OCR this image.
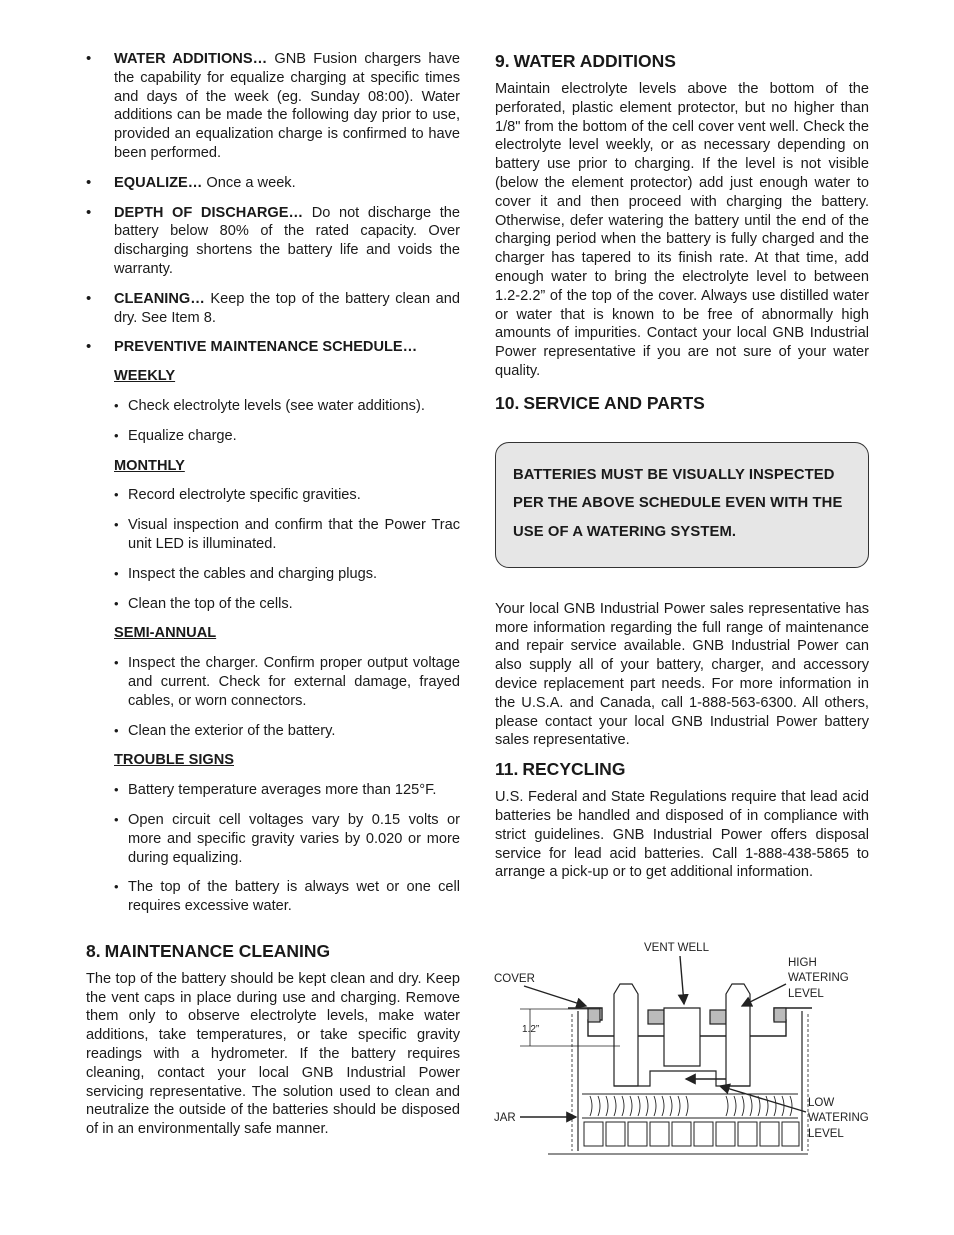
• WATER ADDITIONS… GNB Fusion chargers have the capability for equalize charging at specific times and days of the week (eg. Sunday 08:00). Water additions can be made the following day prior to use, provided an equalization charge is confirmed to have been performed.
• EQUALIZE… Once a week.
• DEPTH OF DISCHARGE… Do not discharge the battery below 80% of the rated capacity. Over discharging shortens the battery life and voids the warranty.
• CLEANING… Keep the top of the battery clean and dry. See Item 8.
• PREVENTIVE MAINTENANCE SCHEDULE…
WEEKLY
• Check electrolyte levels (see water additions).
• Equalize charge.
MONTHLY
• Record electrolyte specific gravities.
• Visual inspection and confirm that the Power Trac unit LED is illuminated.
• Inspect the cables and charging plugs.
• Clean the top of the cells.
SEMI-ANNUAL
• Inspect the charger. Confirm proper output voltage and current. Check for external damage, frayed cables, or worn connectors.
• Clean the exterior of the battery.
TROUBLE SIGNS
• Battery temperature averages more than 125°F.
• Open circuit cell voltages vary by 0.15 volts or more and specific gravity varies by 0.020 or more during equalizing.
• The top of the battery is always wet or one cell requires excessive water.
8. MAINTENANCE CLEANING

The top of the battery should be kept clean and dry. Keep the vent caps in place during use and charging. Remove them only to observe electrolyte levels, make water additions, take temperatures, or take specific gravity readings with a hydrometer. If the battery requires cleaning, contact your local GNB Industrial Power servicing representative. The solution used to clean and neutralize the outside of the batteries should be disposed of in an environmentally safe manner.

9. WATER ADDITIONS

Maintain electrolyte levels above the bottom of the perforated, plastic element protector, but no higher than 1/8" from the bottom of the cell cover vent well. Check the electrolyte level weekly, or as necessary depending on battery use prior to charging. If the level is not visible (below the element protector) add just enough water to cover it and then proceed with charging the battery. Otherwise, defer watering the battery until the end of the charging period when the battery is fully charged and the charger has tapered to its finish rate. At that time, add enough water to bring the electrolyte level to between 1.2-2.2” of the top of the cover. Always use distilled water or water that is known to be free of abnormally high amounts of impurities. Contact your local GNB Industrial Power representative if you are not sure of your water quality.

10. SERVICE AND PARTS
BATTERIES MUST BE VISUALLY INSPECTED
PER THE ABOVE SCHEDULE EVEN WITH THE
USE OF A WATERING SYSTEM.

Your local GNB Industrial Power sales representative has more information regarding the full range of maintenance and repair service available. GNB Industrial Power can also supply all of your battery, charger, and accessory device replacement part needs. For more information in the U.S.A. and Canada, call 1-888-563-6300. All others, please contact your local GNB Industrial Power battery sales representative.

11. RECYCLING

U.S. Federal and State Regulations require that lead acid batteries be handled and disposed of in compliance with strict guidelines. GNB Industrial Power offers disposal service for lead acid batteries. Call 1-888-438-5865 to arrange a pick-up or to get additional information.

VENT WELL
HIGH
WATERING
LEVEL
COVER
1.2”
JAR
LOW
WATERING
LEVEL
